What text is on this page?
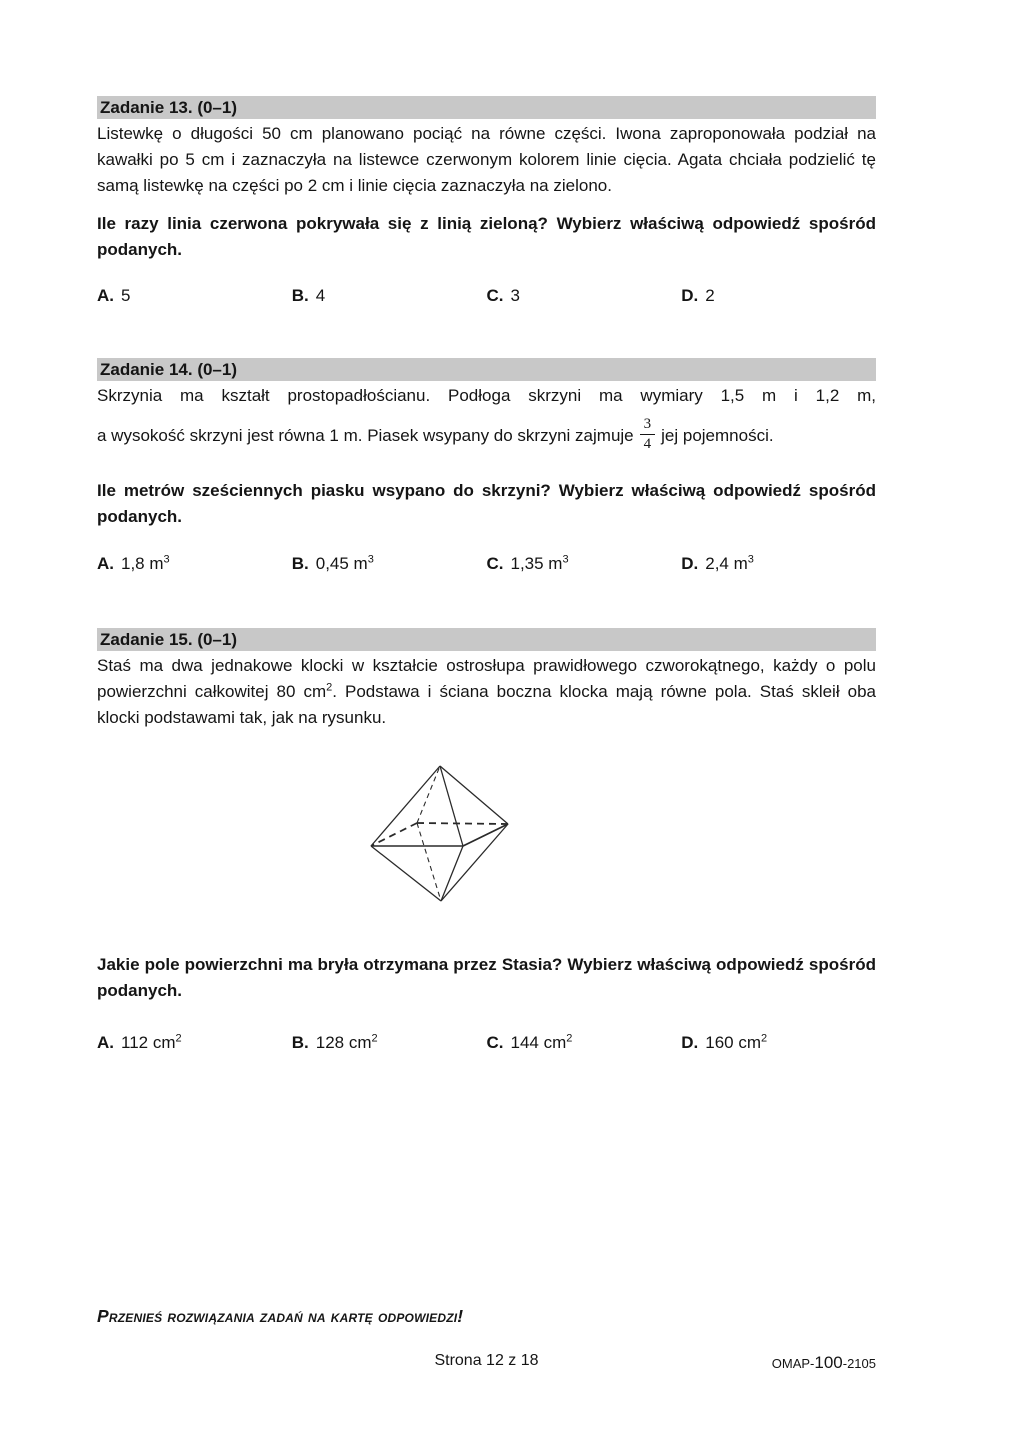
Zadanie 13. (0–1)
Listewkę o długości 50 cm planowano pociąć na równe części. Iwona zaproponowała podział na kawałki po 5 cm i zaznaczyła na listewce czerwonym kolorem linie cięcia. Agata chciała podzielić tę samą listewkę na części po 2 cm i linie cięcia zaznaczyła na zielono.
Ile razy linia czerwona pokrywała się z linią zieloną? Wybierz właściwą odpowiedź spośród podanych.
A. 5	B. 4	C. 3	D. 2
Zadanie 14. (0–1)
Skrzynia ma kształt prostopadłościanu. Podłoga skrzyni ma wymiary 1,5 m i 1,2 m,
a wysokość skrzyni jest równa 1 m. Piasek wsypany do skrzyni zajmuje $\frac{3}{4}$ jej pojemności.
Ile metrów sześciennych piasku wsypano do skrzyni? Wybierz właściwą odpowiedź spośród podanych.
A. 1,8 $m^3$	B. 0,45 $m^3$	C. 1,35 $m^3$	D. 2,4 $m^3$
Zadanie 15. (0–1)
Staś ma dwa jednakowe klocki w kształcie ostrosłupa prawidłowego czworokątnego, każdy o polu powierzchni całkowitej 80 $cm^2$. Podstawa i ściana boczna klocka mają równe pola. Staś skleił oba klocki podstawami tak, jak na rysunku.
Jakie pole powierzchni ma bryła otrzymana przez Stasia? Wybierz właściwą odpowiedź spośród podanych.
A. 112 $cm^2$	B. 128 $cm^2$	C. 144 $cm^2$	D. 160 $cm^2$
Przenieś rozwiązania zadań na kartę odpowiedzi!
Strona 12 z 18	OMAP-100-2105
